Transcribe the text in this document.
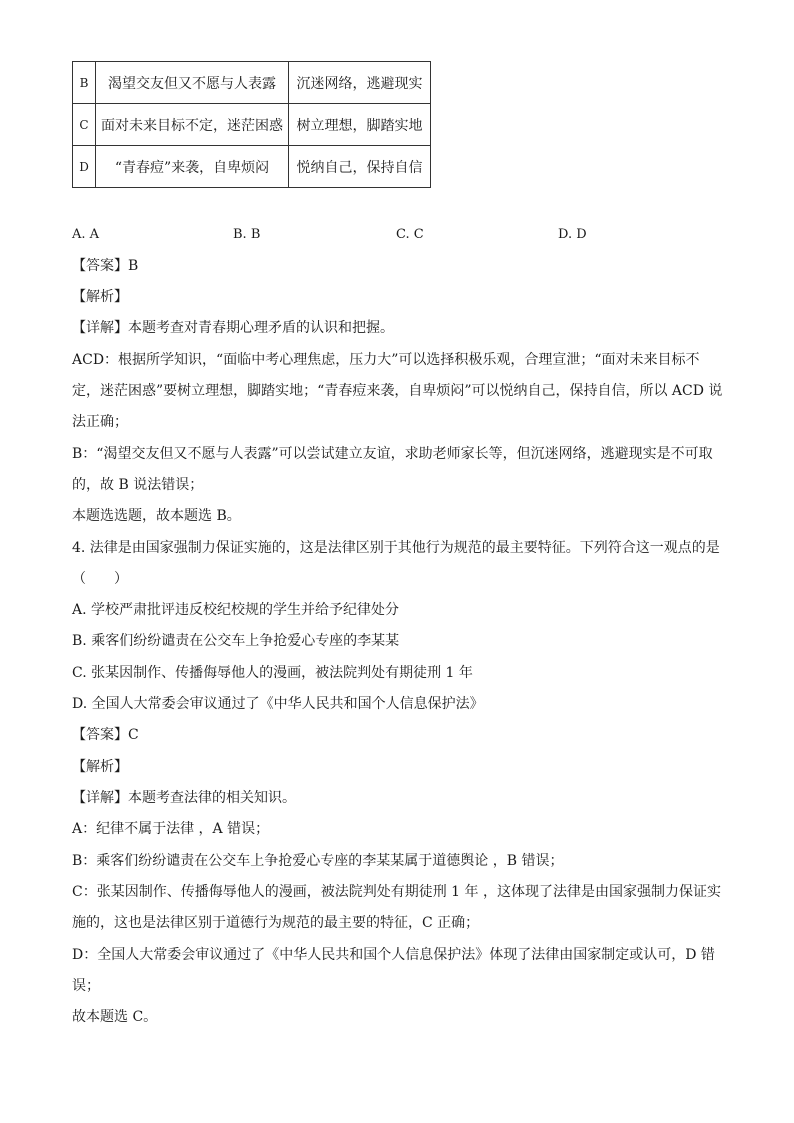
B	渴望交友但又不愿与人表露	沉迷网络，逃避现实
C	面对未来目标不定，迷茫困惑	树立理想，脚踏实地
D	“青春痘”来袭，自卑烦闷	悦纳自己，保持自信
A. A	B. B	C. C	D. D
【答案】B
【解析】
【详解】本题考查对青春期心理矛盾的认识和把握。
ACD：根据所学知识，“面临中考心理焦虑，压力大”可以选择积极乐观，合理宣泄；“面对未来目标不
定，迷茫困惑”要树立理想，脚踏实地；“青春痘来袭，自卑烦闷”可以悦纳自己，保持自信，所以 ACD 说
法正确；
B：“渴望交友但又不愿与人表露”可以尝试建立友谊，求助老师家长等，但沉迷网络，逃避现实是不可取
的，故 B 说法错误；
本题选选题，故本题选 B。
4. 法律是由国家强制力保证实施的，这是法律区别于其他行为规范的最主要特征。下列符合这一观点的是
（　　）
A. 学校严肃批评违反校纪校规的学生并给予纪律处分
B. 乘客们纷纷谴责在公交车上争抢爱心专座的李某某
C. 张某因制作、传播侮辱他人的漫画，被法院判处有期徒刑 1 年
D. 全国人大常委会审议通过了《中华人民共和国个人信息保护法》
【答案】C
【解析】
【详解】本题考查法律的相关知识。
A：纪律不属于法律 ，A 错误；
B：乘客们纷纷谴责在公交车上争抢爱心专座的李某某属于道德舆论 ，B 错误；
C：张某因制作、传播侮辱他人的漫画，被法院判处有期徒刑 1 年 ，这体现了法律是由国家强制力保证实
施的，这也是法律区别于道德行为规范的最主要的特征，C 正确；
D：全国人大常委会审议通过了《中华人民共和国个人信息保护法》体现了法律由国家制定或认可，D 错
误；
故本题选 C。
